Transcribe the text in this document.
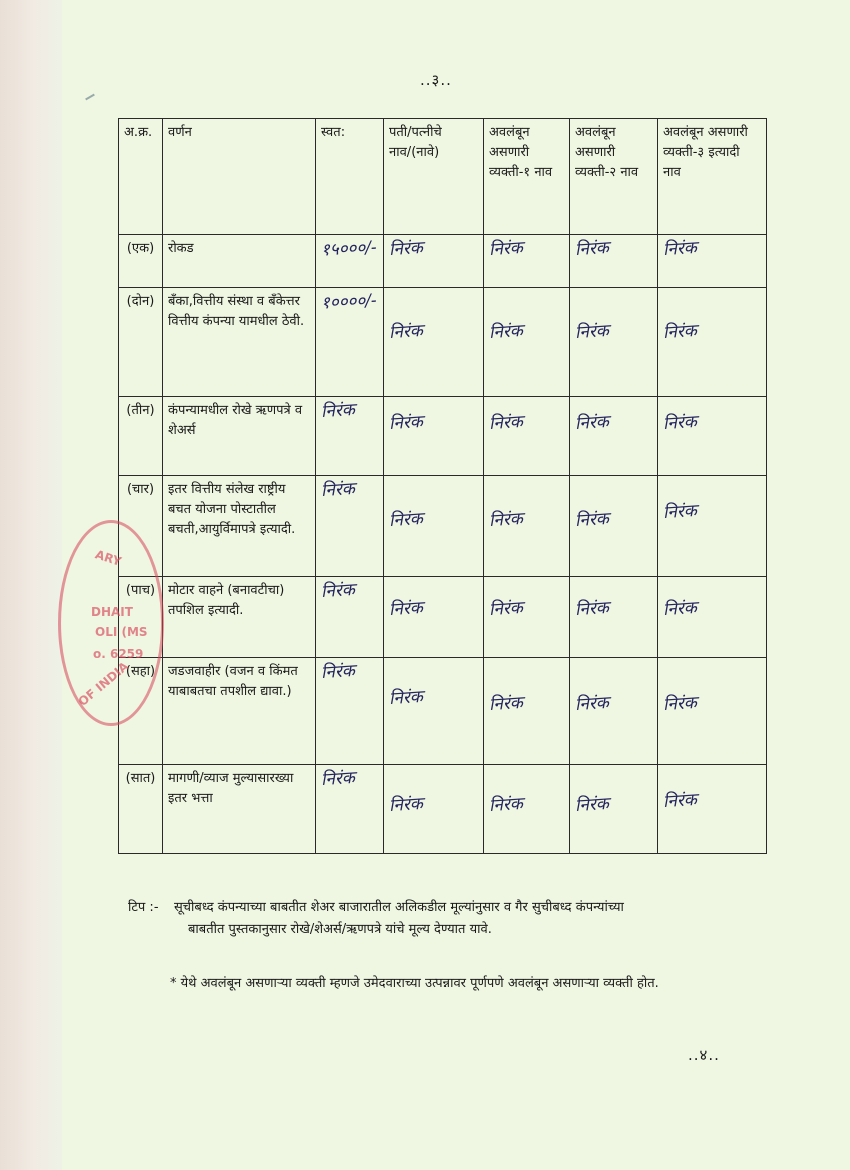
..३..
अ.क्र.	वर्णन	स्वत:	पती/पत्नीचे नाव/(नावे)	अवलंबून असणारी व्यक्ती-१ नाव	अवलंबून असणारी व्यक्ती-२ नाव	अवलंबून असणारी व्यक्ती-३ इत्यादी नाव
(एक)	रोकड	१५०००/-	निरंक	निरंक	निरंक	निरंक
(दोन)	बँका,वित्तीय संस्था व बँकेत्तर वित्तीय कंपन्या यामधील ठेवी.	१००००/-	निरंक	निरंक	निरंक	निरंक
(तीन)	कंपन्यामधील रोखे ऋणपत्रे व शेअर्स	निरंक	निरंक	निरंक	निरंक	निरंक
(चार)	इतर वित्तीय संलेख राष्ट्रीय बचत योजना पोस्टातील बचती,आयुर्विमापत्रे इत्यादी.	निरंक	निरंक	निरंक	निरंक	निरंक
(पाच)	मोटार वाहने (बनावटीचा) तपशिल इत्यादी.	निरंक	निरंक	निरंक	निरंक	निरंक
(सहा)	जडजवाहीर (वजन व किंमत याबाबतचा तपशील द्यावा.)	निरंक	निरंक	निरंक	निरंक	निरंक
(सात)	मागणी/व्याज मुल्यासारख्या इतर भत्ता	निरंक	निरंक	निरंक	निरंक	निरंक
टिप :- सूचीबध्द कंपन्याच्या बाबतीत शेअर बाजारातील अलिकडील मूल्यांनुसार व गैर सुचीबध्द कंपन्यांच्या
बाबतीत पुस्तकानुसार रोखे/शेअर्स/ऋणपत्रे यांचे मूल्य देण्यात यावे.
* येथे अवलंबून असणाऱ्या व्यक्ती म्हणजे उमेदवाराच्या उत्पन्नावर पूर्णपणे अवलंबून असणाऱ्या व्यक्ती होत.
..४..
ARY
DHAIT
OLI (MS
o. 6259
OF INDIA
